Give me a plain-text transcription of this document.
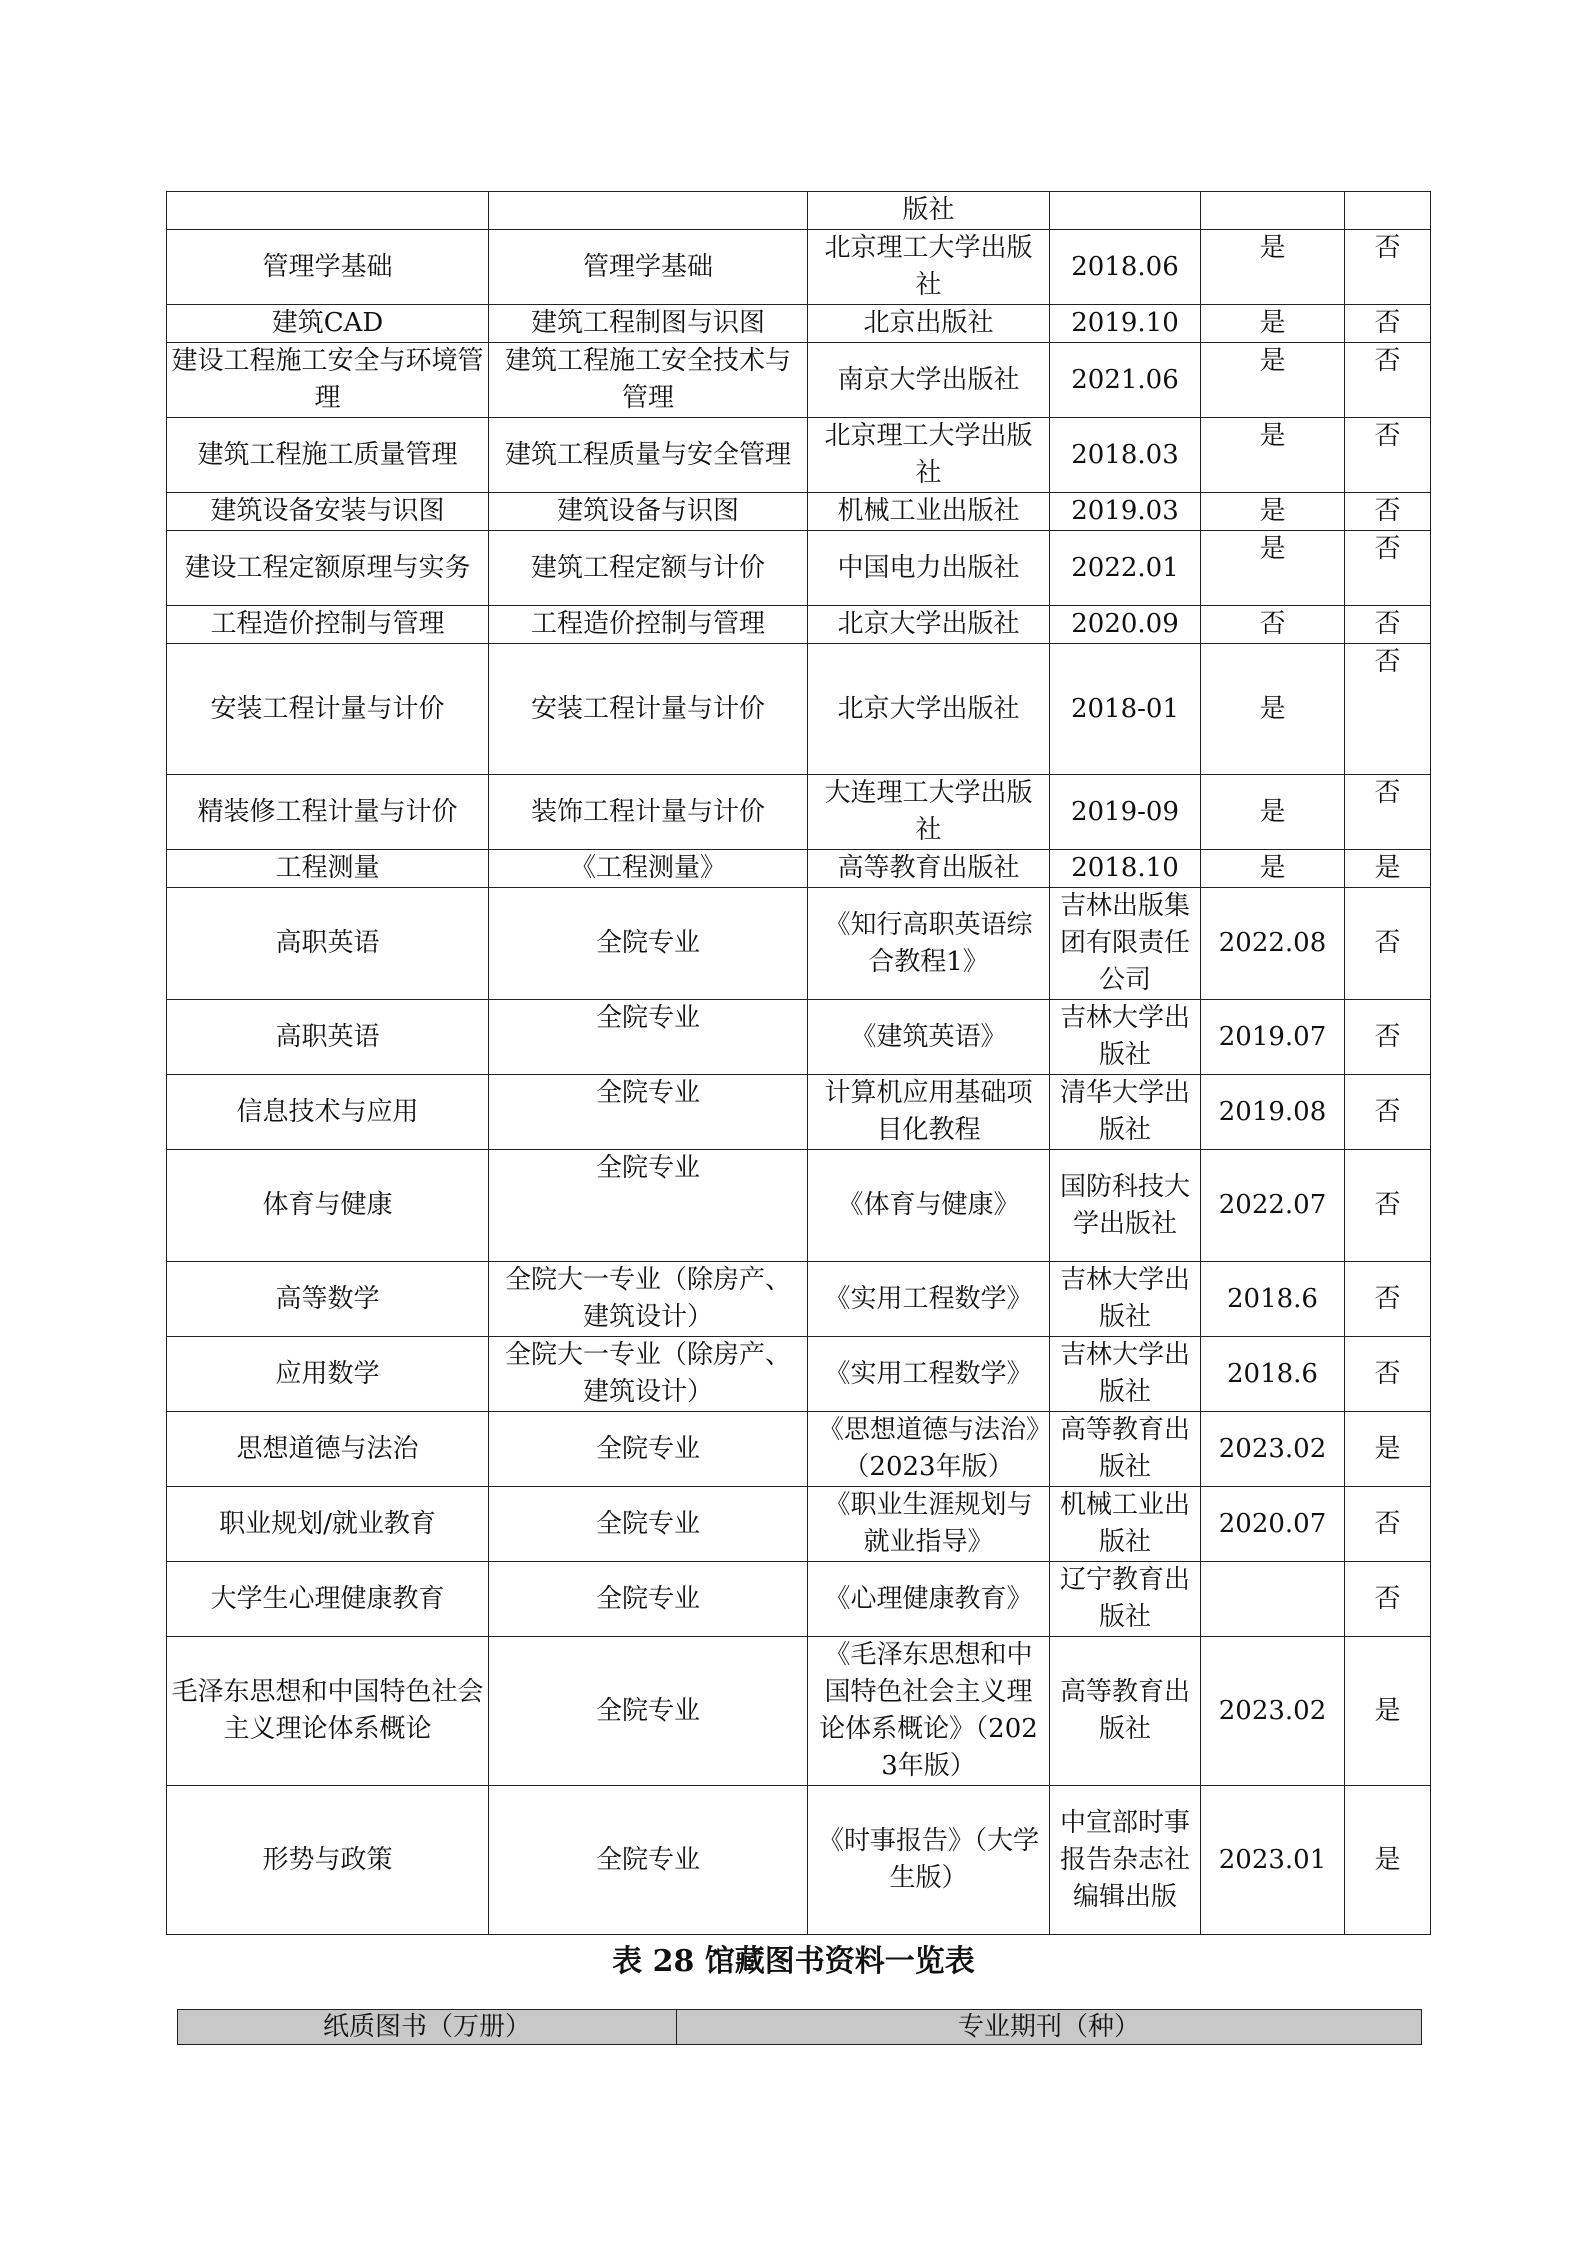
		版社			
管理学基础	管理学基础	北京理工大学出版社	2018.06	是	否
建筑CAD	建筑工程制图与识图	北京出版社	2019.10	是	否
建设工程施工安全与环境管理	建筑工程施工安全技术与管理	南京大学出版社	2021.06	是	否
建筑工程施工质量管理	建筑工程质量与安全管理	北京理工大学出版社	2018.03	是	否
建筑设备安装与识图	建筑设备与识图	机械工业出版社	2019.03	是	否
建设工程定额原理与实务	建筑工程定额与计价	中国电力出版社	2022.01	是	否
工程造价控制与管理	工程造价控制与管理	北京大学出版社	2020.09	否	否
安装工程计量与计价	安装工程计量与计价	北京大学出版社	2018-01	是	否
精装修工程计量与计价	装饰工程计量与计价	大连理工大学出版社	2019-09	是	否
工程测量	《工程测量》	高等教育出版社	2018.10	是	是
高职英语	全院专业	《知行高职英语综合教程1》	吉林出版集团有限责任公司	2022.08	否
高职英语	全院专业	《建筑英语》	吉林大学出版社	2019.07	否
信息技术与应用	全院专业	计算机应用基础项目化教程	清华大学出版社	2019.08	否
体育与健康	全院专业	《体育与健康》	国防科技大学出版社	2022.07	否
高等数学	全院大一专业（除房产、建筑设计）	《实用工程数学》	吉林大学出版社	2018.6	否
应用数学	全院大一专业（除房产、建筑设计）	《实用工程数学》	吉林大学出版社	2018.6	否
思想道德与法治	全院专业	《思想道德与法治》（2023年版）	高等教育出版社	2023.02	是
职业规划/就业教育	全院专业	《职业生涯规划与就业指导》	机械工业出版社	2020.07	否
大学生心理健康教育	全院专业	《心理健康教育》	辽宁教育出版社		否
毛泽东思想和中国特色社会主义理论体系概论	全院专业	《毛泽东思想和中国特色社会主义理论体系概论》（2023年版）	高等教育出版社	2023.02	是
形势与政策	全院专业	《时事报告》（大学生版）	中宣部时事报告杂志社编辑出版	2023.01	是
表 28 馆藏图书资料一览表
纸质图书（万册）	专业期刊（种）
